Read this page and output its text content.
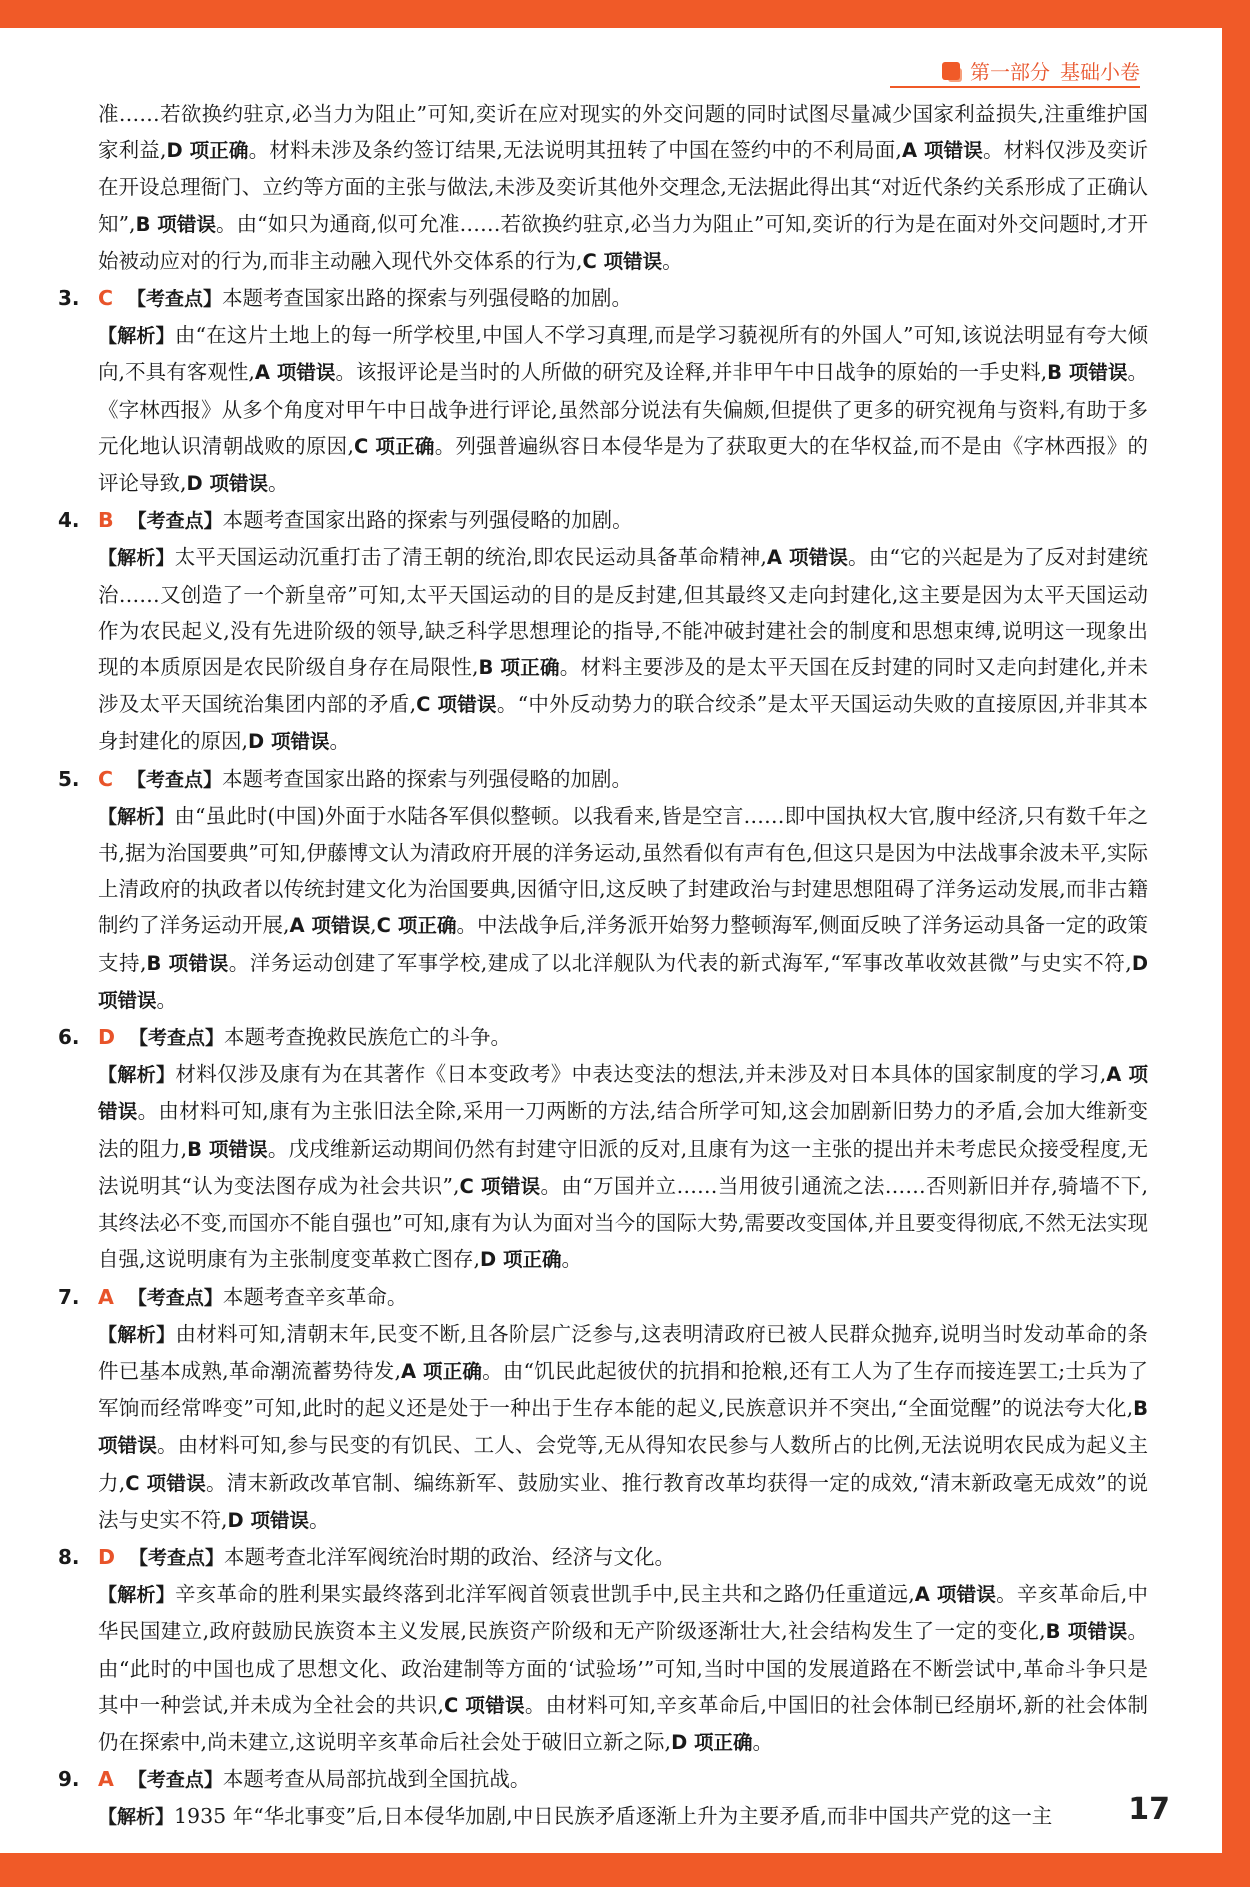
第一部分 基础小卷

准……若欲换约驻京,必当力为阻止”可知,奕䜣在应对现实的外交问题的同时试图尽量减少国家利益损失,注重维护国家利益,D 项正确。材料未涉及条约签订结果,无法说明其扭转了中国在签约中的不利局面,A 项错误。材料仅涉及奕䜣在开设总理衙门、立约等方面的主张与做法,未涉及奕䜣其他外交理念,无法据此得出其“对近代条约关系形成了正确认知”,B 项错误。由“如只为通商,似可允准……若欲换约驻京,必当力为阻止”可知,奕䜣的行为是在面对外交问题时,才开始被动应对的行为,而非主动融入现代外交体系的行为,C 项错误。

3. C 【考查点】本题考查国家出路的探索与列强侵略的加剧。

【解析】由“在这片土地上的每一所学校里,中国人不学习真理,而是学习藐视所有的外国人”可知,该说法明显有夸大倾向,不具有客观性,A 项错误。该报评论是当时的人所做的研究及诠释,并非甲午中日战争的原始的一手史料,B 项错误。《字林西报》从多个角度对甲午中日战争进行评论,虽然部分说法有失偏颇,但提供了更多的研究视角与资料,有助于多元化地认识清朝战败的原因,C 项正确。列强普遍纵容日本侵华是为了获取更大的在华权益,而不是由《字林西报》的评论导致,D 项错误。

4. B 【考查点】本题考查国家出路的探索与列强侵略的加剧。

【解析】太平天国运动沉重打击了清王朝的统治,即农民运动具备革命精神,A 项错误。由“它的兴起是为了反对封建统治……又创造了一个新皇帝”可知,太平天国运动的目的是反封建,但其最终又走向封建化,这主要是因为太平天国运动作为农民起义,没有先进阶级的领导,缺乏科学思想理论的指导,不能冲破封建社会的制度和思想束缚,说明这一现象出现的本质原因是农民阶级自身存在局限性,B 项正确。材料主要涉及的是太平天国在反封建的同时又走向封建化,并未涉及太平天国统治集团内部的矛盾,C 项错误。“中外反动势力的联合绞杀”是太平天国运动失败的直接原因,并非其本身封建化的原因,D 项错误。

5. C 【考查点】本题考查国家出路的探索与列强侵略的加剧。

【解析】由“虽此时(中国)外面于水陆各军俱似整顿。以我看来,皆是空言……即中国执权大官,腹中经济,只有数千年之书,据为治国要典”可知,伊藤博文认为清政府开展的洋务运动,虽然看似有声有色,但这只是因为中法战事余波未平,实际上清政府的执政者以传统封建文化为治国要典,因循守旧,这反映了封建政治与封建思想阻碍了洋务运动发展,而非古籍制约了洋务运动开展,A 项错误,C 项正确。中法战争后,洋务派开始努力整顿海军,侧面反映了洋务运动具备一定的政策支持,B 项错误。洋务运动创建了军事学校,建成了以北洋舰队为代表的新式海军,“军事改革收效甚微”与史实不符,D 项错误。

6. D 【考查点】本题考查挽救民族危亡的斗争。

【解析】材料仅涉及康有为在其著作《日本变政考》中表达变法的想法,并未涉及对日本具体的国家制度的学习,A 项错误。由材料可知,康有为主张旧法全除,采用一刀两断的方法,结合所学可知,这会加剧新旧势力的矛盾,会加大维新变法的阻力,B 项错误。戊戌维新运动期间仍然有封建守旧派的反对,且康有为这一主张的提出并未考虑民众接受程度,无法说明其“认为变法图存成为社会共识”,C 项错误。由“万国并立……当用彼引通流之法……否则新旧并存,骑墙不下,其终法必不变,而国亦不能自强也”可知,康有为认为面对当今的国际大势,需要改变国体,并且要变得彻底,不然无法实现自强,这说明康有为主张制度变革救亡图存,D 项正确。

7. A 【考查点】本题考查辛亥革命。

【解析】由材料可知,清朝末年,民变不断,且各阶层广泛参与,这表明清政府已被人民群众抛弃,说明当时发动革命的条件已基本成熟,革命潮流蓄势待发,A 项正确。由“饥民此起彼伏的抗捐和抢粮,还有工人为了生存而接连罢工;士兵为了军饷而经常哗变”可知,此时的起义还是处于一种出于生存本能的起义,民族意识并不突出,“全面觉醒”的说法夸大化,B 项错误。由材料可知,参与民变的有饥民、工人、会党等,无从得知农民参与人数所占的比例,无法说明农民成为起义主力,C 项错误。清末新政改革官制、编练新军、鼓励实业、推行教育改革均获得一定的成效,“清末新政毫无成效”的说法与史实不符,D 项错误。

8. D 【考查点】本题考查北洋军阀统治时期的政治、经济与文化。

【解析】辛亥革命的胜利果实最终落到北洋军阀首领袁世凯手中,民主共和之路仍任重道远,A 项错误。辛亥革命后,中华民国建立,政府鼓励民族资本主义发展,民族资产阶级和无产阶级逐渐壮大,社会结构发生了一定的变化,B 项错误。由“此时的中国也成了思想文化、政治建制等方面的‘试验场’”可知,当时中国的发展道路在不断尝试中,革命斗争只是其中一种尝试,并未成为全社会的共识,C 项错误。由材料可知,辛亥革命后,中国旧的社会体制已经崩坏,新的社会体制仍在探索中,尚未建立,这说明辛亥革命后社会处于破旧立新之际,D 项正确。

9. A 【考查点】本题考查从局部抗战到全国抗战。

【解析】1935 年“华北事变”后,日本侵华加剧,中日民族矛盾逐渐上升为主要矛盾,而非中国共产党的这一主	17
